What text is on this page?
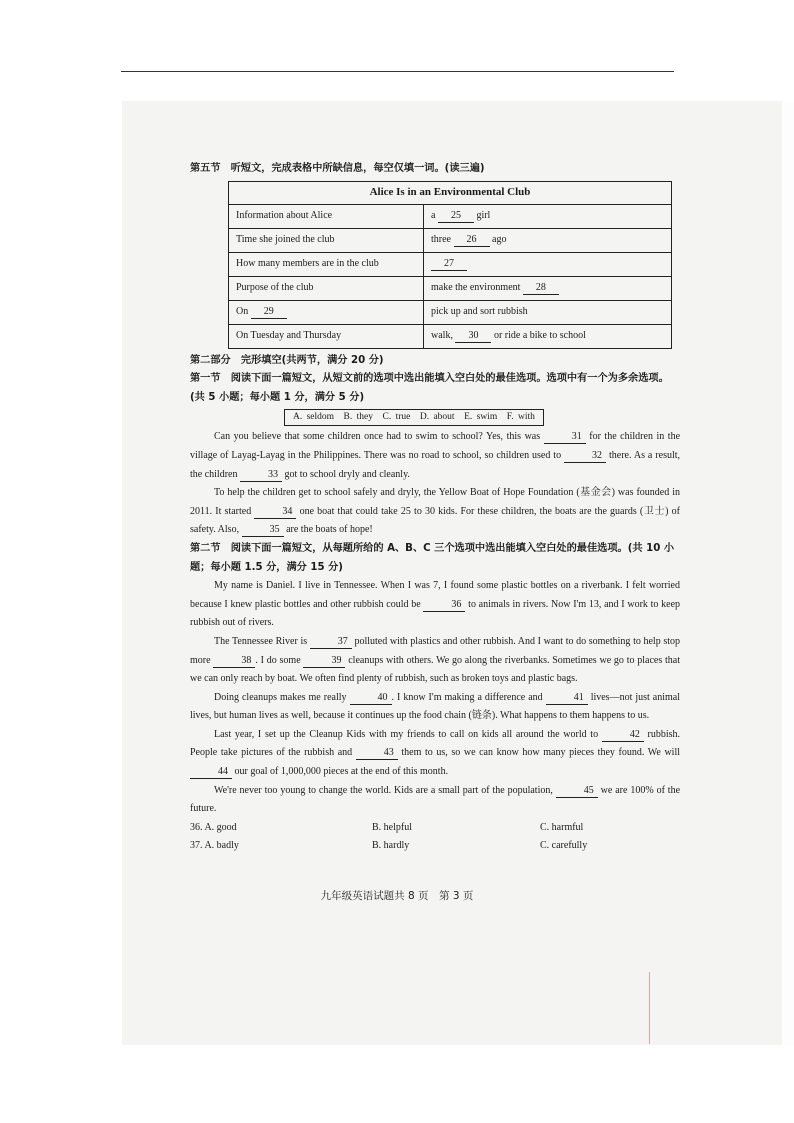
第五节　听短文，完成表格中所缺信息，每空仅填一词。(读三遍)
Alice Is in an Environmental Club	
Information about Alice	a 25 girl
Time she joined the club	three 26 ago
How many members are in the club	27
Purpose of the club	make the environment 28
On 29	pick up and sort rubbish
On Tuesday and Thursday	walk, 30 or ride a bike to school
第二部分　完形填空(共两节，满分 20 分)
第一节　阅读下面一篇短文，从短文前的选项中选出能填入空白处的最佳选项。选项中有一个为多余选项。(共 5 小题；每小题 1 分，满分 5 分)
A. seldom　B. they　C. true　D. about　E. swim　F. with

Can you believe that some children once had to swim to school? Yes, this was	31 for the children in the village of Layag-Layag in the Philippines. There was no road to school, so children used to	32 there. As a result, the children	33 got to school dryly and cleanly.

To help the children get to school safely and dryly, the Yellow Boat of Hope Foundation (基金会) was founded in 2011. It started	34 one boat that could take 25 to 30 kids. For these children, the boats are the guards (卫士) of safety. Also,	35 are the boats of hope!

第二节　阅读下面一篇短文，从每题所给的 A、B、C 三个选项中选出能填入空白处的最佳选项。(共 10 小题；每小题 1.5 分，满分 15 分)

My name is Daniel. I live in Tennessee. When I was 7, I found some plastic bottles on a riverbank. I felt worried because I knew plastic bottles and other rubbish could be	36 to animals in rivers. Now I'm 13, and I work to keep rubbish out of rivers.

The Tennessee River is	37 polluted with plastics and other rubbish. And I want to do something to help stop more	38 . I do some	39 cleanups with others. We go along the riverbanks. Sometimes we go to places that we can only reach by boat. We often find plenty of rubbish, such as broken toys and plastic bags.

Doing cleanups makes me really	40 . I know I'm making a difference and	41 lives—not just animal lives, but human lives as well, because it continues up the food chain (链条). What happens to them happens to us.

Last year, I set up the Cleanup Kids with my friends to call on kids all around the world to	42 rubbish. People take pictures of the rubbish and	43 them to us, so we can know how many pieces they found. We will 44 our goal of 1,000,000 pieces at the end of this month.

We're never too young to change the world. Kids are a small part of the population,	45 we are 100% of the future.

36. A. good	B. helpful	C. harmful
37. A. badly	B. hardly	C. carefully
九年级英语试题共 8 页　第 3 页
